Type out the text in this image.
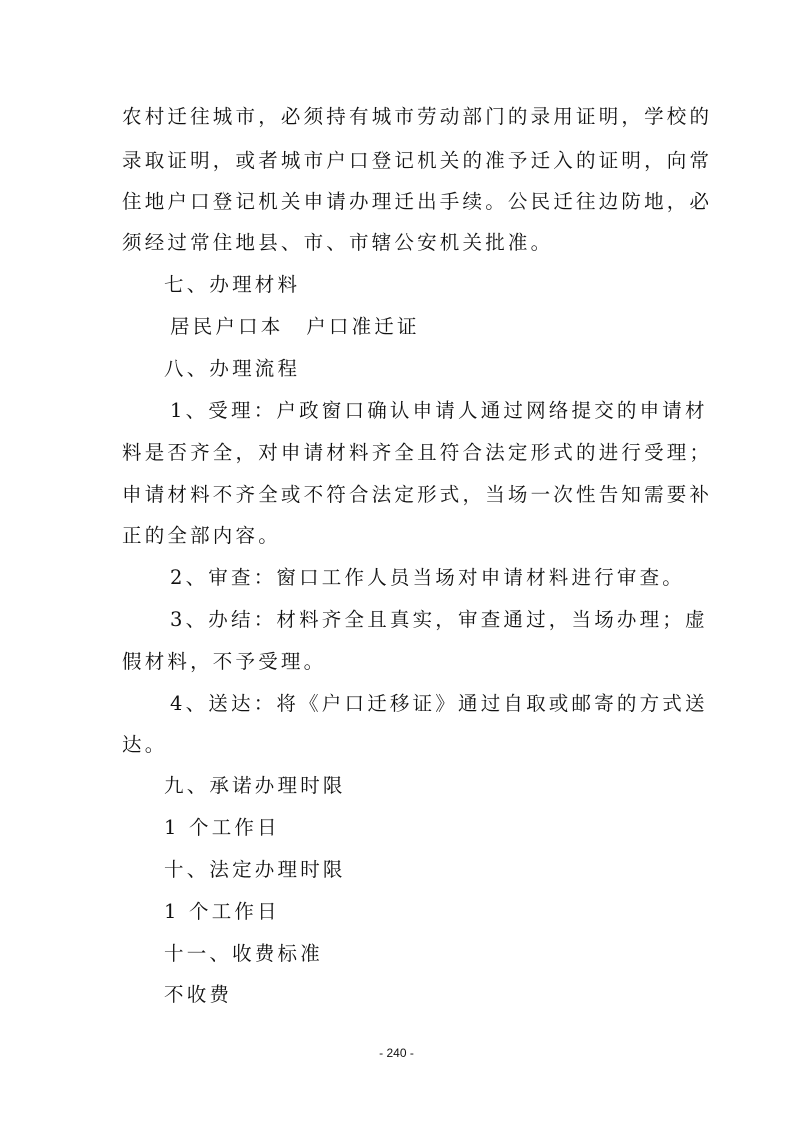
农村迁往城市，必须持有城市劳动部门的录用证明，学校的
录取证明，或者城市户口登记机关的准予迁入的证明，向常
住地户口登记机关申请办理迁出手续。公民迁往边防地，必
须经过常住地县、市、市辖公安机关批准。
七、办理材料
居民户口本　户口准迁证
八、办理流程
1、受理：户政窗口确认申请人通过网络提交的申请材
料是否齐全，对申请材料齐全且符合法定形式的进行受理；
申请材料不齐全或不符合法定形式，当场一次性告知需要补
正的全部内容。
2、审查：窗口工作人员当场对申请材料进行审查。
3、办结：材料齐全且真实，审查通过，当场办理；虚
假材料，不予受理。
4、送达：将《户口迁移证》通过自取或邮寄的方式送
达。
九、承诺办理时限
1 个工作日
十、法定办理时限
1 个工作日
十一、收费标准
不收费
- 240 -
